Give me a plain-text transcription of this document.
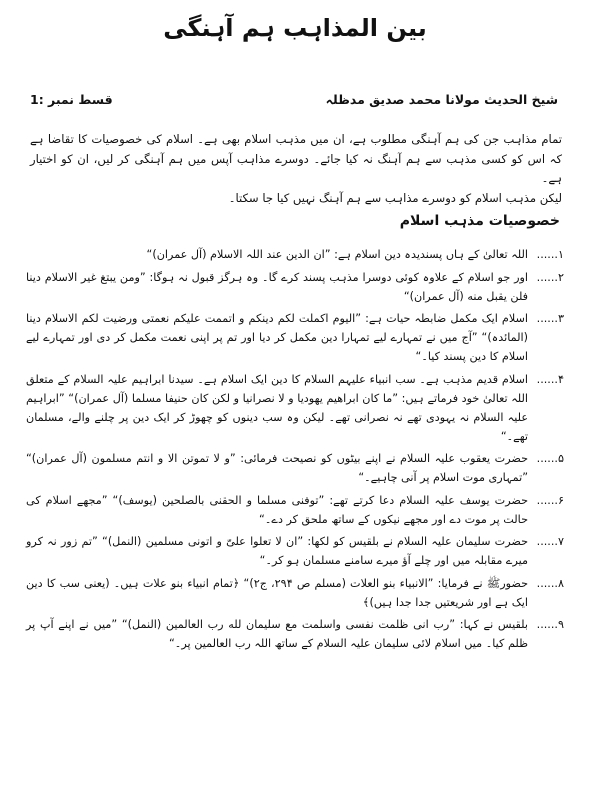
بین المذاہب ہم آہنگی
شیخ الحدیث مولانا محمد صدیق مدظلہ
قسط نمبر :1

تمام مذاہب جن کی ہم آہنگی مطلوب ہے، ان میں مذہب اسلام بھی ہے۔ اسلام کی خصوصیات کا تقاضا ہے کہ اس کو کسی مذہب سے ہم آہنگ نہ کیا جائے۔ دوسرے مذاہب آپس میں ہم آہنگی کر لیں، ان کو اختیار ہے۔

لیکن مذہب اسلام کو دوسرے مذاہب سے ہم آہنگ نہیں کیا جا سکتا۔

خصوصیات مذہب اسلام
۱......
اللہ تعالیٰ کے ہاں پسندیدہ دین اسلام ہے: ”ان الدین عند اللہ الاسلام (آل عمران)“
۲......
اور جو اسلام کے علاوہ کوئی دوسرا مذہب پسند کرے گا۔ وہ ہرگز قبول نہ ہوگا: ”ومن یبتغ غیر الاسلام دینا فلن یقبل منه (آل عمران)“
۳......
اسلام ایک مکمل ضابطہ حیات ہے: ”الیوم اکملت لکم دینکم و اتممت علیکم نعمتی ورضیت لکم الاسلام دینا (المائدہ)“ ”آج میں نے تمہارے لیے تمہارا دین مکمل کر دیا اور تم پر اپنی نعمت مکمل کر دی اور تمہارے لیے اسلام کا دین پسند کیا۔“
۴......
اسلام قدیم مذہب ہے۔ سب انبیاء علیہم السلام کا دین ایک اسلام ہے۔ سیدنا ابراہیم علیہ السلام کے متعلق اللہ تعالیٰ خود فرماتے ہیں: ”ما کان ابراهیم یهودیا و لا نصرانیا و لکن کان حنیفا مسلما (آل عمران)“ ”ابراہیم علیہ السلام نہ یہودی تھے نہ نصرانی تھے۔ لیکن وہ سب دینوں کو چھوڑ کر ایک دین پر چلنے والے، مسلمان تھے۔“
۵......
حضرت یعقوب علیہ السلام نے اپنے بیٹوں کو نصیحت فرمائی: ”و لا تموتن الا و انتم مسلمون (آل عمران)“ ”تمہاری موت اسلام پر آنی چاہیے۔“
۶......
حضرت یوسف علیہ السلام دعا کرتے تھے: ”توفنی مسلما و الحقنی بالصلحین (یوسف)“ ”مجھے اسلام کی حالت پر موت دے اور مجھے نیکوں کے ساتھ ملحق کر دے۔“
۷......
حضرت سلیمان علیہ السلام نے بلقیس کو لکھا: ”ان لا تعلوا علیّ و اتونی مسلمین (النمل)“ ”تم زور نہ کرو میرے مقابلہ میں اور چلے آؤ میرے سامنے مسلمان ہو کر۔“
۸......
حضورﷺ نے فرمایا: ”الانبیاء بنو العلات (مسلم ص ۲۹۴، ج۲)“ ﴿تمام انبیاء بنو علات ہیں۔ (یعنی سب کا دین ایک ہے اور شریعتیں جدا جدا ہیں)﴾
۹......
بلقیس نے کہا: ”رب انی ظلمت نفسی واسلمت مع سلیمان لله رب العالمین (النمل)“ ”میں نے اپنے آپ پر ظلم کیا۔ میں اسلام لائی سلیمان علیہ السلام کے ساتھ اللہ رب العالمین پر۔“
